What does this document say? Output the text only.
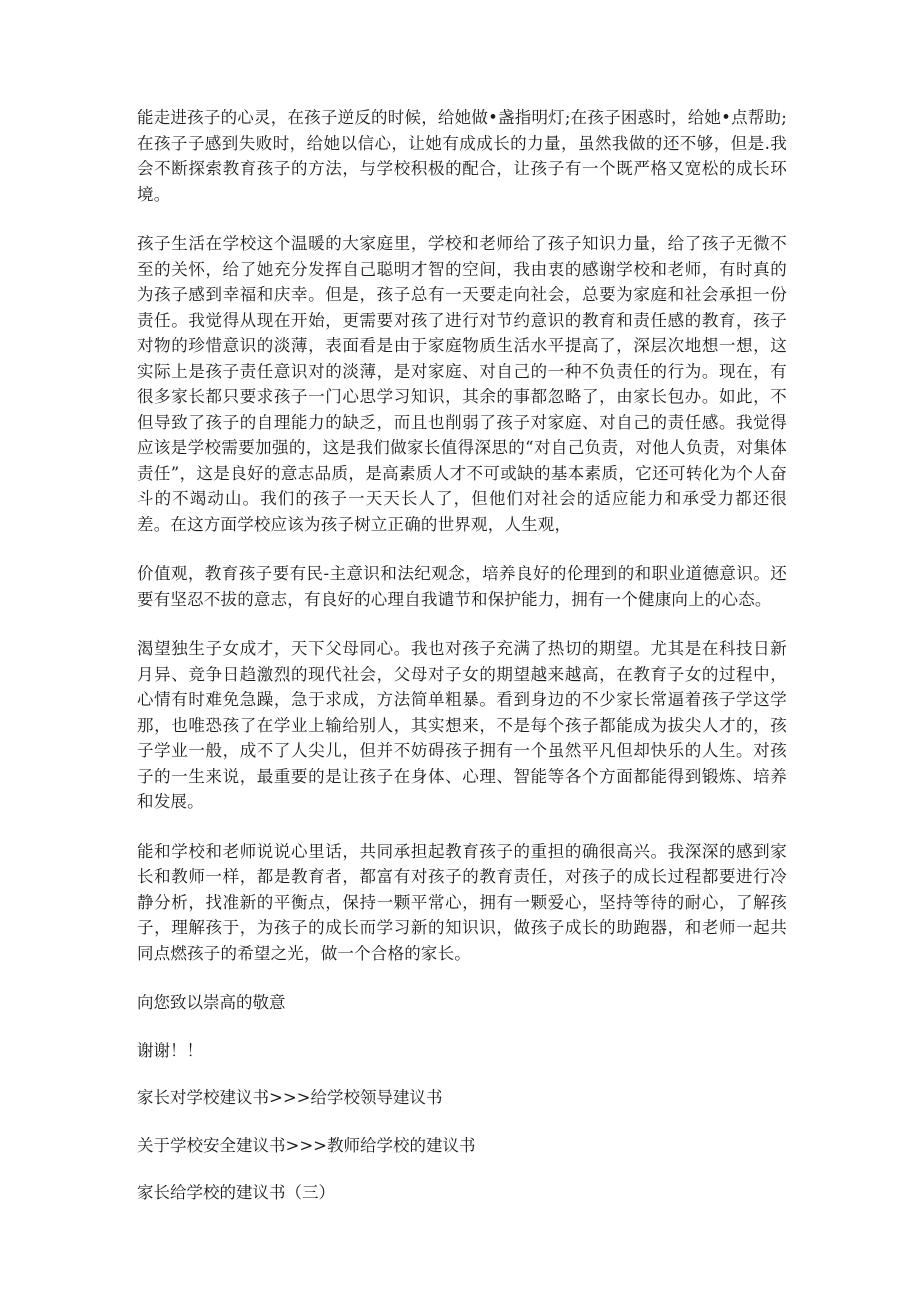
能走进孩子的心灵，在孩子逆反的时候，给她做•盏指明灯;在孩子困惑时，给她•点帮助;在孩子子感到失败时，给她以信心，让她有成成长的力量，虽然我做的还不够，但是.我会不断探索教育孩子的方法，与学校积极的配合，让孩子有一个既严格又宽松的成长环境。

孩子生活在学校这个温暖的大家庭里，学校和老师给了孩子知识力量，给了孩子无微不至的关怀，给了她充分发挥自己聪明才智的空间，我由衷的感谢学校和老师，有时真的为孩子感到幸福和庆幸。但是，孩子总有一天要走向社会，总要为家庭和社会承担一份责任。我觉得从现在开始，更需要对孩了进行对节约意识的教育和责任感的教育，孩子对物的珍惜意识的淡薄，表面看是由于家庭物质生活水平提高了，深层次地想一想，这实际上是孩子责任意识对的淡薄，是对家庭、对自己的一种不负责任的行为。现在，有很多家长都只要求孩子一门心思学习知识，其余的事都忽略了，由家长包办。如此，不但导致了孩子的自理能力的缺乏，而且也削弱了孩子对家庭、对自己的责任感。我觉得应该是学校需要加强的，这是我们做家长值得深思的“对自己负责，对他人负责，对集体责任”，这是良好的意志品质，是高素质人才不可或缺的基本素质，它还可转化为个人奋斗的不竭动山。我们的孩子一天天长人了，但他们对社会的适应能力和承受力都还很差。在这方面学校应该为孩子树立正确的世界观，人生观，

价值观，教育孩子要有民-主意识和法纪观念，培养良好的伦理到的和职业道德意识。还要有坚忍不拔的意志，有良好的心理自我谴节和保护能力，拥有一个健康向上的心态。

渴望独生子女成才，天下父母同心。我也对孩子充满了热切的期望。尤其是在科技日新月异、竞争日趋激烈的现代社会，父母对子女的期望越来越高，在教育子女的过程中，心情有时难免急躁，急于求成，方法简单粗暴。看到身边的不少家长常逼着孩子学这学那，也唯恐孩了在学业上输给别人，其实想来，不是每个孩子都能成为拔尖人才的，孩子学业一般，成不了人尖儿，但并不妨碍孩子拥有一个虽然平凡但却快乐的人生。对孩子的一生来说，最重要的是让孩子在身体、心理、智能等各个方面都能得到锻炼、培养和发展。

能和学校和老师说说心里话，共同承担起教育孩子的重担的确很高兴。我深深的感到家长和教师一样，都是教育者，都富有对孩子的教育责任，对孩子的成长过程都要进行冷静分析，找准新的平衡点，保持一颗平常心，拥有一颗爱心，坚持等待的耐心，了解孩子，理解孩于，为孩子的成长而学习新的知识识，做孩子成长的助跑器，和老师一起共同点燃孩子的希望之光，做一个合格的家长。

向您致以崇高的敬意

谢谢！！

家长对学校建议书>>>给学校领导建议书

关于学校安全建议书>>>教师给学校的建议书

家长给学校的建议书（三）
